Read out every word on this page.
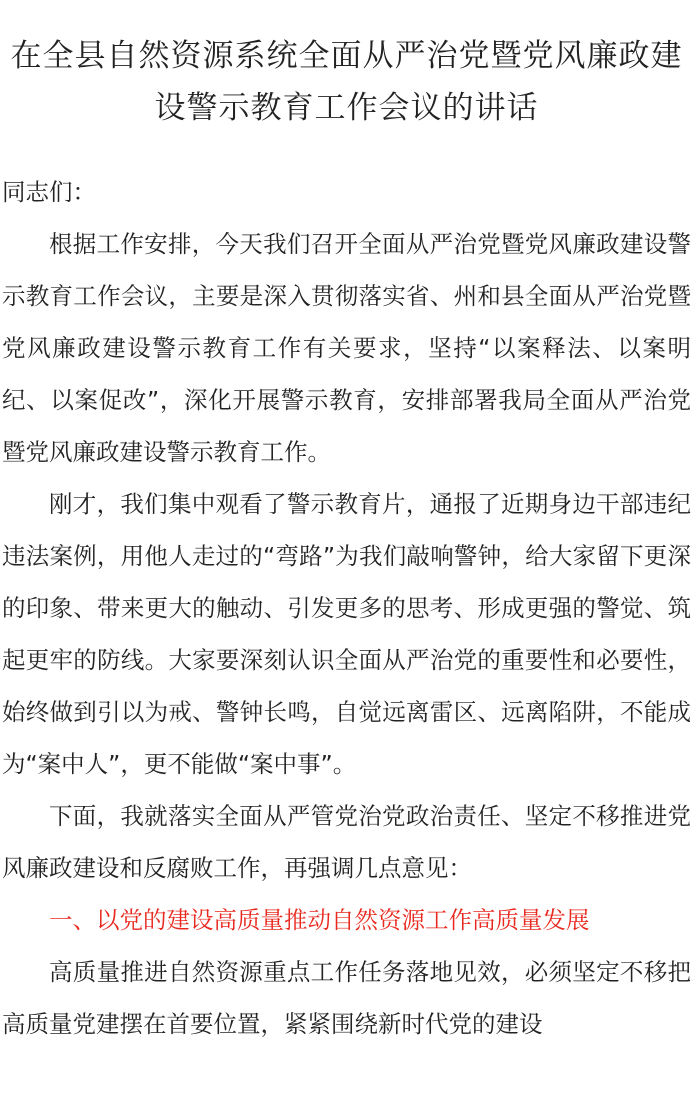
在全县自然资源系统全面从严治党暨党风廉政建设警示教育工作会议的讲话

同志们：

根据工作安排，今天我们召开全面从严治党暨党风廉政建设警示教育工作会议，主要是深入贯彻落实省、州和县全面从严治党暨党风廉政建设警示教育工作有关要求，坚持“以案释法、以案明纪、以案促改”，深化开展警示教育，安排部署我局全面从严治党暨党风廉政建设警示教育工作。

刚才，我们集中观看了警示教育片，通报了近期身边干部违纪违法案例，用他人走过的“弯路”为我们敲响警钟，给大家留下更深的印象、带来更大的触动、引发更多的思考、形成更强的警觉、筑起更牢的防线。大家要深刻认识全面从严治党的重要性和必要性，始终做到引以为戒、警钟长鸣，自觉远离雷区、远离陷阱，不能成为“案中人”，更不能做“案中事”。

下面，我就落实全面从严管党治党政治责任、坚定不移推进党风廉政建设和反腐败工作，再强调几点意见：

一、以党的建设高质量推动自然资源工作高质量发展

高质量推进自然资源重点工作任务落地见效，必须坚定不移把高质量党建摆在首要位置，紧紧围绕新时代党的建设
